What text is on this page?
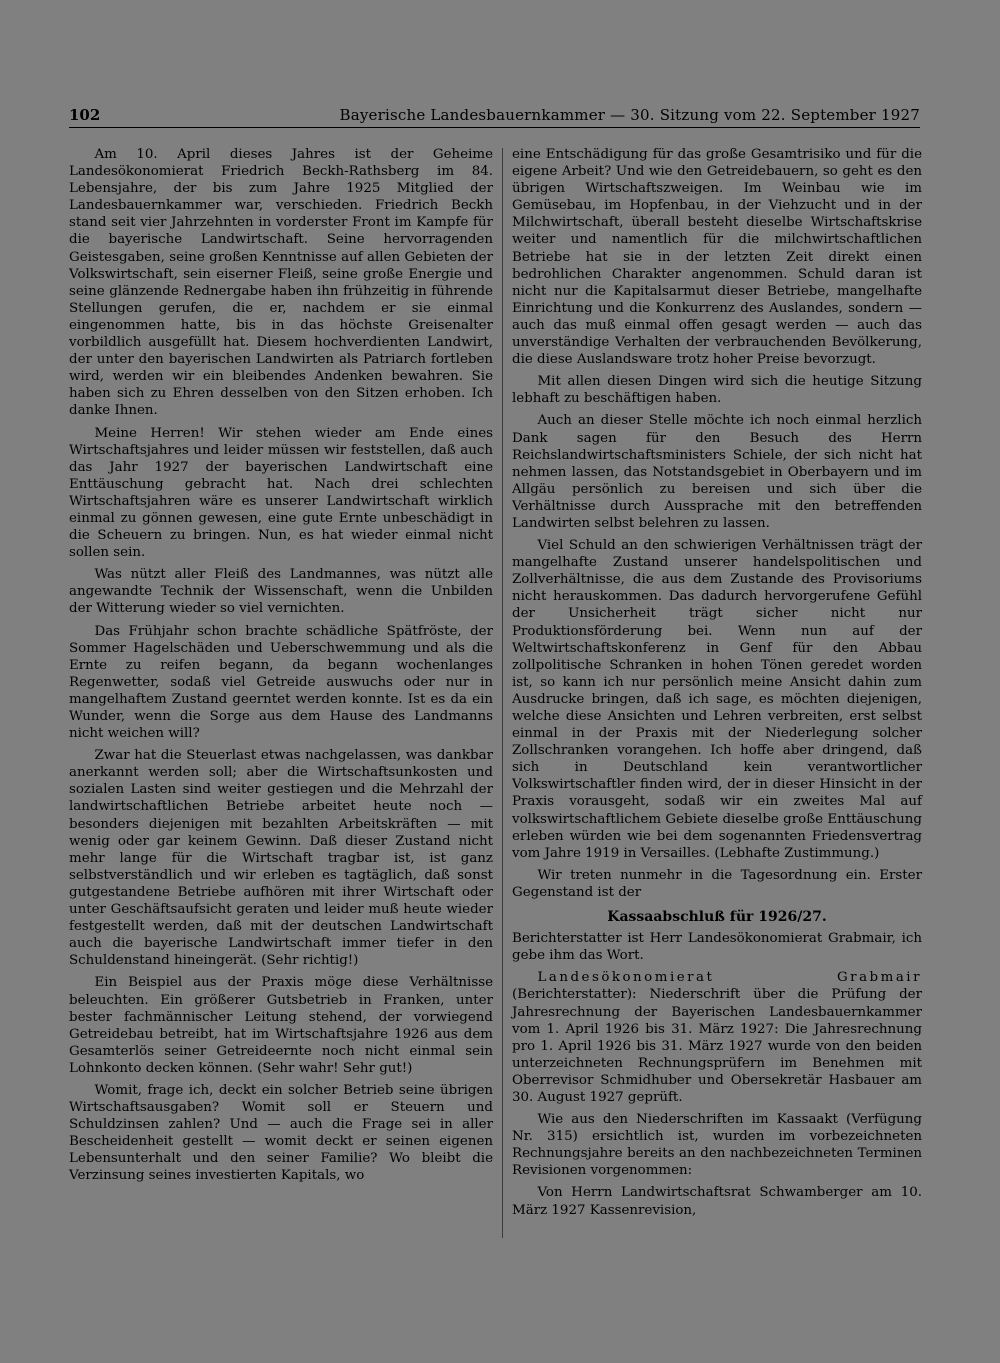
102	Bayerische Landesbauernkammer — 30. Sitzung vom 22. September 1927

Am 10. April dieses Jahres ist der Geheime Landesökonomierat Friedrich Beckh-Rathsberg im 84. Lebensjahre, der bis zum Jahre 1925 Mitglied der Landesbauernkammer war, verschieden. Friedrich Beckh stand seit vier Jahrzehnten in vorderster Front im Kampfe für die bayerische Landwirtschaft. Seine hervorragenden Geistesgaben, seine großen Kenntnisse auf allen Gebieten der Volkswirtschaft, sein eiserner Fleiß, seine große Energie und seine glänzende Rednergabe haben ihn frühzeitig in führende Stellungen gerufen, die er, nachdem er sie einmal eingenommen hatte, bis in das höchste Greisenalter vorbildlich ausgefüllt hat. Diesem hochverdienten Landwirt, der unter den bayerischen Landwirten als Patriarch fortleben wird, werden wir ein bleibendes Andenken bewahren. Sie haben sich zu Ehren desselben von den Sitzen erhoben. Ich danke Ihnen.

Meine Herren! Wir stehen wieder am Ende eines Wirtschaftsjahres und leider müssen wir feststellen, daß auch das Jahr 1927 der bayerischen Landwirtschaft eine Enttäuschung gebracht hat. Nach drei schlechten Wirtschaftsjahren wäre es unserer Landwirtschaft wirklich einmal zu gönnen gewesen, eine gute Ernte unbeschädigt in die Scheuern zu bringen. Nun, es hat wieder einmal nicht sollen sein.

Was nützt aller Fleiß des Landmannes, was nützt alle angewandte Technik der Wissenschaft, wenn die Unbilden der Witterung wieder so viel vernichten.

Das Frühjahr schon brachte schädliche Spätfröste, der Sommer Hagelschäden und Ueberschwemmung und als die Ernte zu reifen begann, da begann wochenlanges Regenwetter, sodaß viel Getreide auswuchs oder nur in mangelhaftem Zustand geerntet werden konnte. Ist es da ein Wunder, wenn die Sorge aus dem Hause des Landmanns nicht weichen will?

Zwar hat die Steuerlast etwas nachgelassen, was dankbar anerkannt werden soll; aber die Wirtschaftsunkosten und sozialen Lasten sind weiter gestiegen und die Mehrzahl der landwirtschaftlichen Betriebe arbeitet heute noch — besonders diejenigen mit bezahlten Arbeitskräften — mit wenig oder gar keinem Gewinn. Daß dieser Zustand nicht mehr lange für die Wirtschaft tragbar ist, ist ganz selbstverständlich und wir erleben es tagtäglich, daß sonst gutgestandene Betriebe aufhören mit ihrer Wirtschaft oder unter Geschäftsaufsicht geraten und leider muß heute wieder festgestellt werden, daß mit der deutschen Landwirtschaft auch die bayerische Landwirtschaft immer tiefer in den Schuldenstand hineingerät. (Sehr richtig!)

Ein Beispiel aus der Praxis möge diese Verhältnisse beleuchten. Ein größerer Gutsbetrieb in Franken, unter bester fachmännischer Leitung stehend, der vorwiegend Getreidebau betreibt, hat im Wirtschaftsjahre 1926 aus dem Gesamterlös seiner Getreideernte noch nicht einmal sein Lohnkonto decken können. (Sehr wahr! Sehr gut!)

Womit, frage ich, deckt ein solcher Betrieb seine übrigen Wirtschaftsausgaben? Womit soll er Steuern und Schuldzinsen zahlen? Und — auch die Frage sei in aller Bescheidenheit gestellt — womit deckt er seinen eigenen Lebensunterhalt und den seiner Familie? Wo bleibt die Verzinsung seines investierten Kapitals, wo

eine Entschädigung für das große Gesamtrisiko und für die eigene Arbeit? Und wie den Getreidebauern, so geht es den übrigen Wirtschaftszweigen. Im Weinbau wie im Gemüsebau, im Hopfenbau, in der Viehzucht und in der Milchwirtschaft, überall besteht dieselbe Wirtschaftskrise weiter und namentlich für die milchwirtschaftlichen Betriebe hat sie in der letzten Zeit direkt einen bedrohlichen Charakter angenommen. Schuld daran ist nicht nur die Kapitalsarmut dieser Betriebe, mangelhafte Einrichtung und die Konkurrenz des Auslandes, sondern — auch das muß einmal offen gesagt werden — auch das unverständige Verhalten der verbrauchenden Bevölkerung, die diese Auslandsware trotz hoher Preise bevorzugt.

Mit allen diesen Dingen wird sich die heutige Sitzung lebhaft zu beschäftigen haben.

Auch an dieser Stelle möchte ich noch einmal herzlich Dank sagen für den Besuch des Herrn Reichslandwirtschaftsministers Schiele, der sich nicht hat nehmen lassen, das Notstandsgebiet in Oberbayern und im Allgäu persönlich zu bereisen und sich über die Verhältnisse durch Aussprache mit den betreffenden Landwirten selbst belehren zu lassen.

Viel Schuld an den schwierigen Verhältnissen trägt der mangelhafte Zustand unserer handelspolitischen und Zollverhältnisse, die aus dem Zustande des Provisoriums nicht herauskommen. Das dadurch hervorgerufene Gefühl der Unsicherheit trägt sicher nicht nur Produktionsförderung bei. Wenn nun auf der Weltwirtschaftskonferenz in Genf für den Abbau zollpolitische Schranken in hohen Tönen geredet worden ist, so kann ich nur persönlich meine Ansicht dahin zum Ausdrucke bringen, daß ich sage, es möchten diejenigen, welche diese Ansichten und Lehren verbreiten, erst selbst einmal in der Praxis mit der Niederlegung solcher Zollschranken vorangehen. Ich hoffe aber dringend, daß sich in Deutschland kein verantwortlicher Volkswirtschaftler finden wird, der in dieser Hinsicht in der Praxis vorausgeht, sodaß wir ein zweites Mal auf volkswirtschaftlichem Gebiete dieselbe große Enttäuschung erleben würden wie bei dem sogenannten Friedensvertrag vom Jahre 1919 in Versailles. (Lebhafte Zustimmung.)

Wir treten nunmehr in die Tagesordnung ein. Erster Gegenstand ist der

Kassaabschluß für 1926/27.

Berichterstatter ist Herr Landesökonomierat Grabmair, ich gebe ihm das Wort.

Landesökonomierat Grabmair (Berichterstatter): Niederschrift über die Prüfung der Jahresrechnung der Bayerischen Landesbauernkammer vom 1. April 1926 bis 31. März 1927: Die Jahresrechnung pro 1. April 1926 bis 31. März 1927 wurde von den beiden unterzeichneten Rechnungsprüfern im Benehmen mit Oberrevisor Schmidhuber und Obersekretär Hasbauer am 30. August 1927 geprüft.

Wie aus den Niederschriften im Kassaakt (Verfügung Nr. 315) ersichtlich ist, wurden im vorbezeichneten Rechnungsjahre bereits an den nachbezeichneten Terminen Revisionen vorgenommen:

Von Herrn Landwirtschaftsrat Schwamberger am 10. März 1927 Kassenrevision,
